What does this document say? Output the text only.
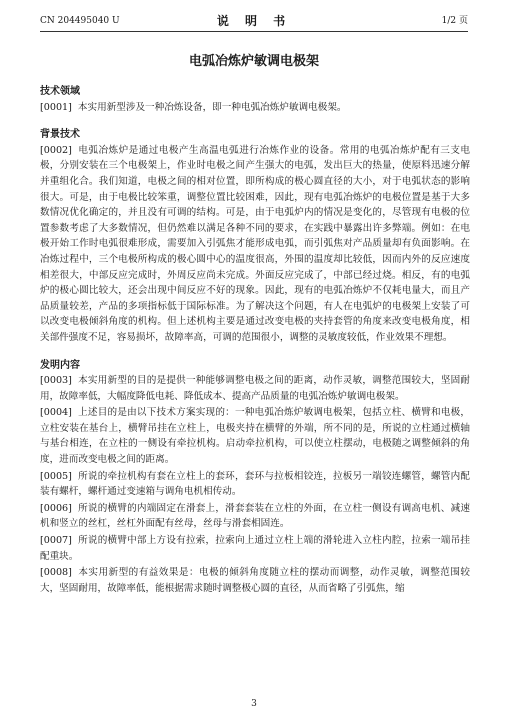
CN 204495040 U	说 明 书	1/2 页
电弧冶炼炉敏调电极架
技术领域

[0001] 本实用新型涉及一种冶炼设备，即一种电弧冶炼炉敏调电极架。

背景技术

[0002] 电弧冶炼炉是通过电极产生高温电弧进行冶炼作业的设备。常用的电弧冶炼炉配有三支电极，分别安装在三个电极架上，作业时电极之间产生强大的电弧，发出巨大的热量，使原料迅速分解并重组化合。我们知道，电极之间的相对位置，即所构成的极心圆直径的大小，对于电弧状态的影响很大。可是，由于电极比较笨重，调整位置比较困难，因此，现有电弧冶炼炉的电极位置是基于大多数情况优化确定的，并且没有可调的结构。可是，由于电弧炉内的情况是变化的，尽管现有电极的位置参数考虑了大多数情况，但仍然难以满足各种不同的要求，在实践中暴露出许多弊端。例如：在电极开始工作时电弧很难形成，需要加入引弧焦才能形成电弧，而引弧焦对产品质量却有负面影响。在冶炼过程中，三个电极所构成的极心圆中心的温度很高，外围的温度却比较低，因而内外的反应速度相差很大，中部反应完成时，外周反应尚未完成。外面反应完成了，中部已经过烧。相反，有的电弧炉的极心圆比较大，还会出现中间反应不好的现象。因此，现有的电弧冶炼炉不仅耗电量大，而且产品质量较差，产品的多项指标低于国际标准。为了解决这个问题，有人在电弧炉的电极架上安装了可以改变电极倾斜角度的机构。但上述机构主要是通过改变电极的夹持套管的角度来改变电极角度，相关部件强度不足，容易损坏，故障率高，可调的范围很小，调整的灵敏度较低，作业效果不理想。

发明内容

[0003] 本实用新型的目的是提供一种能够调整电极之间的距离，动作灵敏，调整范围较大，坚固耐用，故障率低，大幅度降低电耗、降低成本、提高产品质量的电弧冶炼炉敏调电极架。

[0004] 上述目的是由以下技术方案实现的：一种电弧冶炼炉敏调电极架，包括立柱、横臂和电极，立柱安装在基台上，横臂吊挂在立柱上，电极夹持在横臂的外端，所不同的是，所说的立柱通过横轴与基台相连，在立柱的一侧设有牵拉机构。启动牵拉机构，可以使立柱摆动，电极随之调整倾斜的角度，进而改变电极之间的距离。

[0005] 所说的牵拉机构有套在立柱上的套环，套环与拉板相铰连，拉板另一端铰连螺管，螺管内配装有螺杆，螺杆通过变速箱与调角电机相传动。

[0006] 所说的横臂的内端固定在滑套上，滑套套装在立柱的外面，在立柱一侧设有调高电机、减速机和竖立的丝杠，丝杠外面配有丝母，丝母与滑套相固连。

[0007] 所说的横臂中部上方设有拉索，拉索向上通过立柱上端的滑轮进入立柱内腔，拉索一端吊挂配重块。

[0008] 本实用新型的有益效果是：电极的倾斜角度随立柱的摆动而调整，动作灵敏，调整范围较大，坚固耐用，故障率低，能根据需求随时调整极心圆的直径，从而省略了引弧焦，缩

3
